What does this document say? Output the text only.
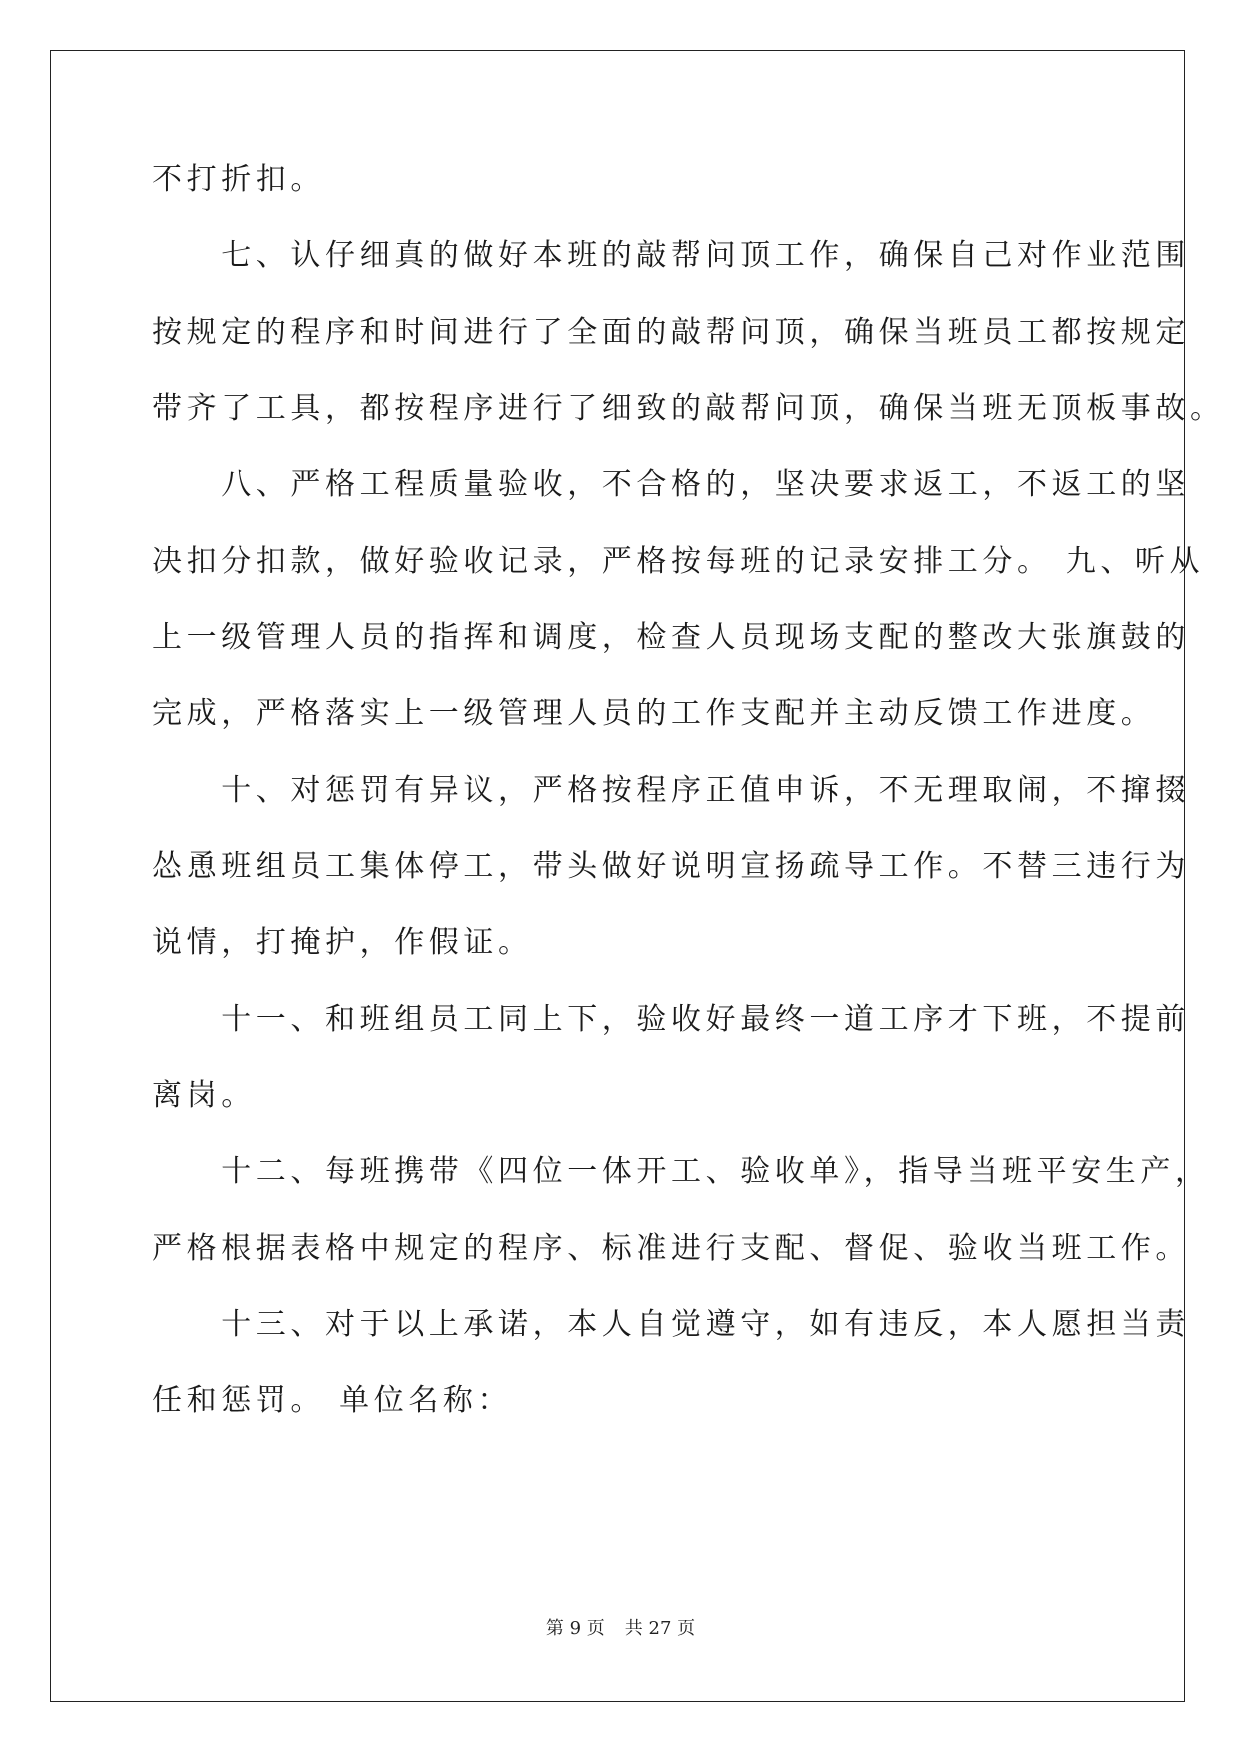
不打折扣。
　　七、认仔细真的做好本班的敲帮问顶工作，确保自己对作业范围
按规定的程序和时间进行了全面的敲帮问顶，确保当班员工都按规定
带齐了工具，都按程序进行了细致的敲帮问顶，确保当班无顶板事故。
　　八、严格工程质量验收，不合格的，坚决要求返工，不返工的坚
决扣分扣款，做好验收记录，严格按每班的记录安排工分。 九、听从
上一级管理人员的指挥和调度，检查人员现场支配的整改大张旗鼓的
完成，严格落实上一级管理人员的工作支配并主动反馈工作进度。
　　十、对惩罚有异议，严格按程序正值申诉，不无理取闹，不撺掇
怂恿班组员工集体停工，带头做好说明宣扬疏导工作。不替三违行为
说情，打掩护，作假证。
　　十一、和班组员工同上下，验收好最终一道工序才下班，不提前
离岗。
　　十二、每班携带《四位一体开工、验收单》，指导当班平安生产，
严格根据表格中规定的程序、标准进行支配、督促、验收当班工作。
　　十三、对于以上承诺，本人自觉遵守，如有违反，本人愿担当责
任和惩罚。 单位名称：
第 9 页 共 27 页
